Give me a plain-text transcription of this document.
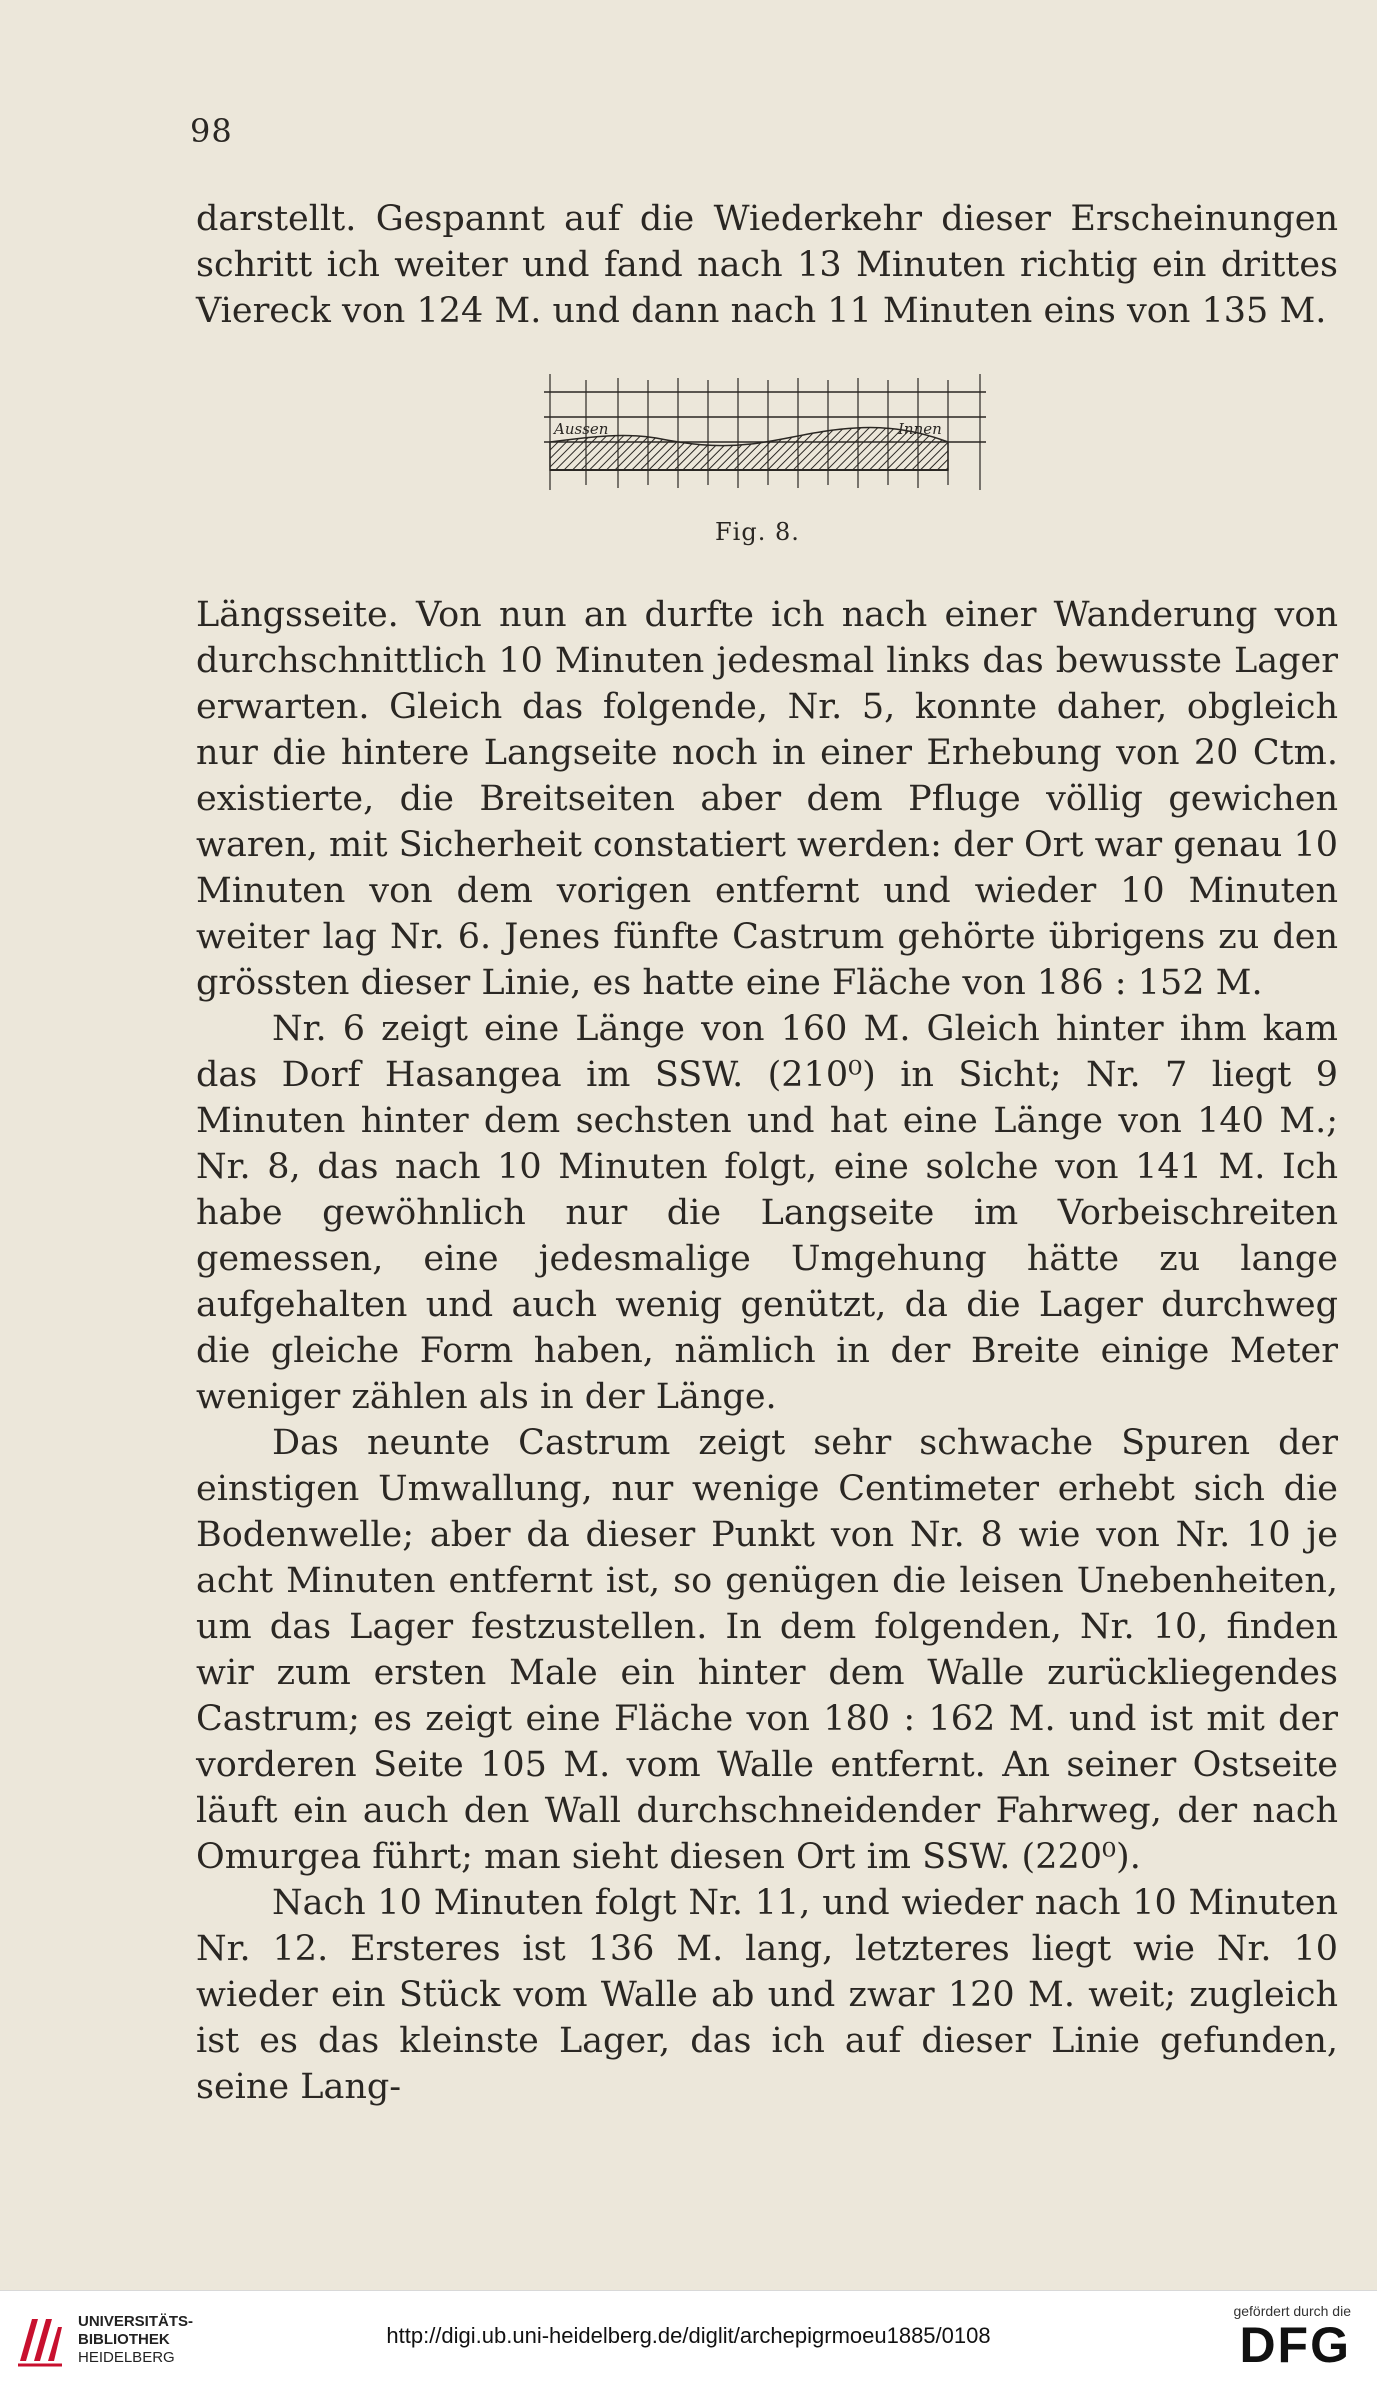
98

darstellt. Gespannt auf die Wiederkehr dieser Erscheinungen schritt ich weiter und fand nach 13 Minuten richtig ein drittes Viereck von 124 M. und dann nach 11 Minuten eins von 135 M.

Aussen	Innen
Fig. 8.

Längsseite. Von nun an durfte ich nach einer Wanderung von durchschnittlich 10 Minuten jedesmal links das bewusste Lager erwarten. Gleich das folgende, Nr. 5, konnte daher, obgleich nur die hintere Langseite noch in einer Erhebung von 20 Ctm. existierte, die Breitseiten aber dem Pfluge völlig gewichen waren, mit Sicherheit constatiert werden: der Ort war genau 10 Minuten von dem vorigen entfernt und wieder 10 Minuten weiter lag Nr. 6. Jenes fünfte Castrum gehörte übrigens zu den grössten dieser Linie, es hatte eine Fläche von 186 : 152 M.

Nr. 6 zeigt eine Länge von 160 M. Gleich hinter ihm kam das Dorf Hasangea im SSW. (210⁰) in Sicht; Nr. 7 liegt 9 Minuten hinter dem sechsten und hat eine Länge von 140 M.; Nr. 8, das nach 10 Minuten folgt, eine solche von 141 M. Ich habe gewöhnlich nur die Langseite im Vorbeischreiten gemessen, eine jedesmalige Umgehung hätte zu lange aufgehalten und auch wenig genützt, da die Lager durchweg die gleiche Form haben, nämlich in der Breite einige Meter weniger zählen als in der Länge.

Das neunte Castrum zeigt sehr schwache Spuren der einstigen Umwallung, nur wenige Centimeter erhebt sich die Bodenwelle; aber da dieser Punkt von Nr. 8 wie von Nr. 10 je acht Minuten entfernt ist, so genügen die leisen Unebenheiten, um das Lager festzustellen. In dem folgenden, Nr. 10, finden wir zum ersten Male ein hinter dem Walle zurückliegendes Castrum; es zeigt eine Fläche von 180 : 162 M. und ist mit der vorderen Seite 105 M. vom Walle entfernt. An seiner Ostseite läuft ein auch den Wall durchschneidender Fahrweg, der nach Omurgea führt; man sieht diesen Ort im SSW. (220⁰).

Nach 10 Minuten folgt Nr. 11, und wieder nach 10 Minuten Nr. 12. Ersteres ist 136 M. lang, letzteres liegt wie Nr. 10 wieder ein Stück vom Walle ab und zwar 120 M. weit; zugleich ist es das kleinste Lager, das ich auf dieser Linie gefunden, seine Lang-

UNIVERSITÄTS-
BIBLIOTHEK
HEIDELBERG
http://digi.ub.uni-heidelberg.de/diglit/archepigrmoeu1885/0108
gefördert durch die
DFG
